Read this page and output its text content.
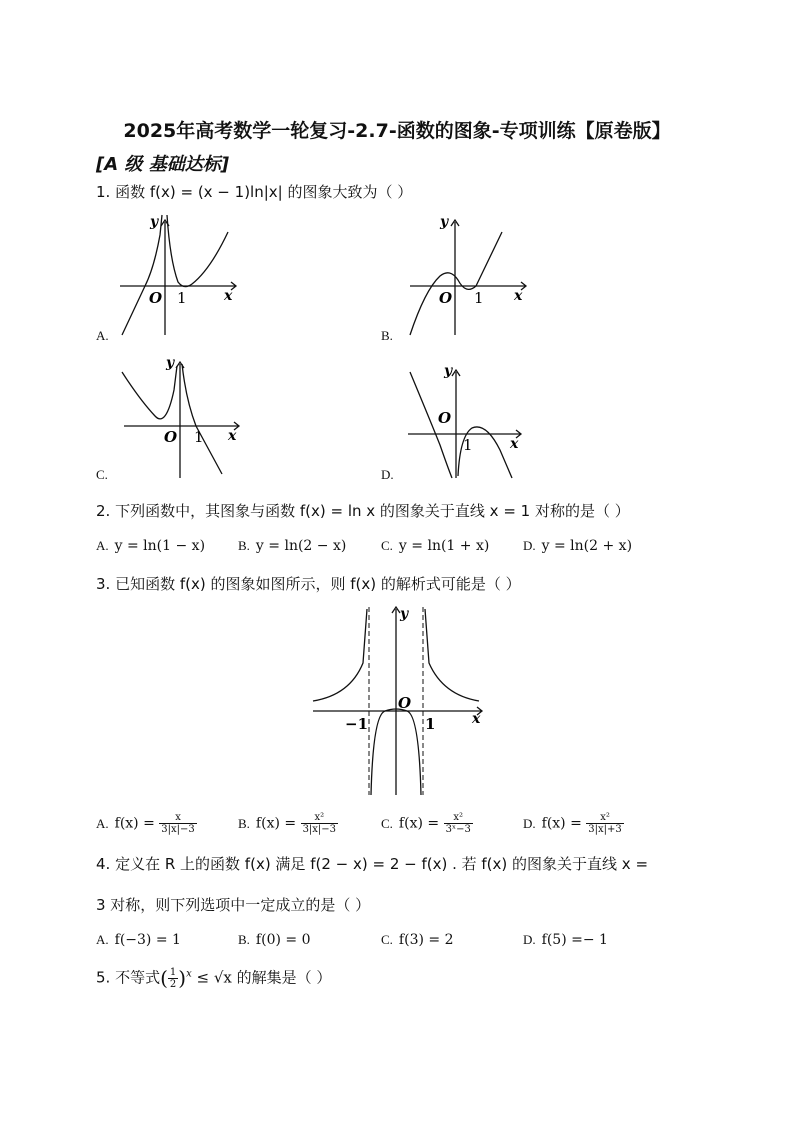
2025年高考数学一轮复习-2.7-函数的图象-专项训练【原卷版】
[A 级 基础达标]
1. 函数 f(x) = (x − 1)ln|x| 的图象大致为（ ）
y
x
O 1
A.
y
x
O 1
B.
y
x
O 1
C.
y
x
O
1
D.
2. 下列函数中，其图象与函数 f(x) = ln x 的图象关于直线 x = 1 对称的是（ ）
A. y = ln(1 − x)	B. y = ln(2 − x)	C. y = ln(1 + x)	D. y = ln(2 + x)
3. 已知函数 f(x) 的图象如图所示，则 f(x) 的解析式可能是（ ）
y
x
O
−1	1
A. $f(x) = \frac{x}{3|x|-3}$	B. $f(x) = \frac{\text{x²}}{3|x|-3}$	C. $f(x) = \frac{\text{x²}}{\text{3ˣ−3}}$	D. $f(x) = \frac{\text{x²}}{3|x|+3}$
4. 定义在 R 上的函数 f(x) 满足 f(2 − x) = 2 − f(x) . 若 f(x) 的图象关于直线 x =
3 对称，则下列选项中一定成立的是（ ）
A. f(−3) = 1	B. f(0) = 0	C. f(3) = 2	D. f(5) =− 1
5. 不等式( $\frac{1}{2} )^x \le √x$ 的解集是（ ）
